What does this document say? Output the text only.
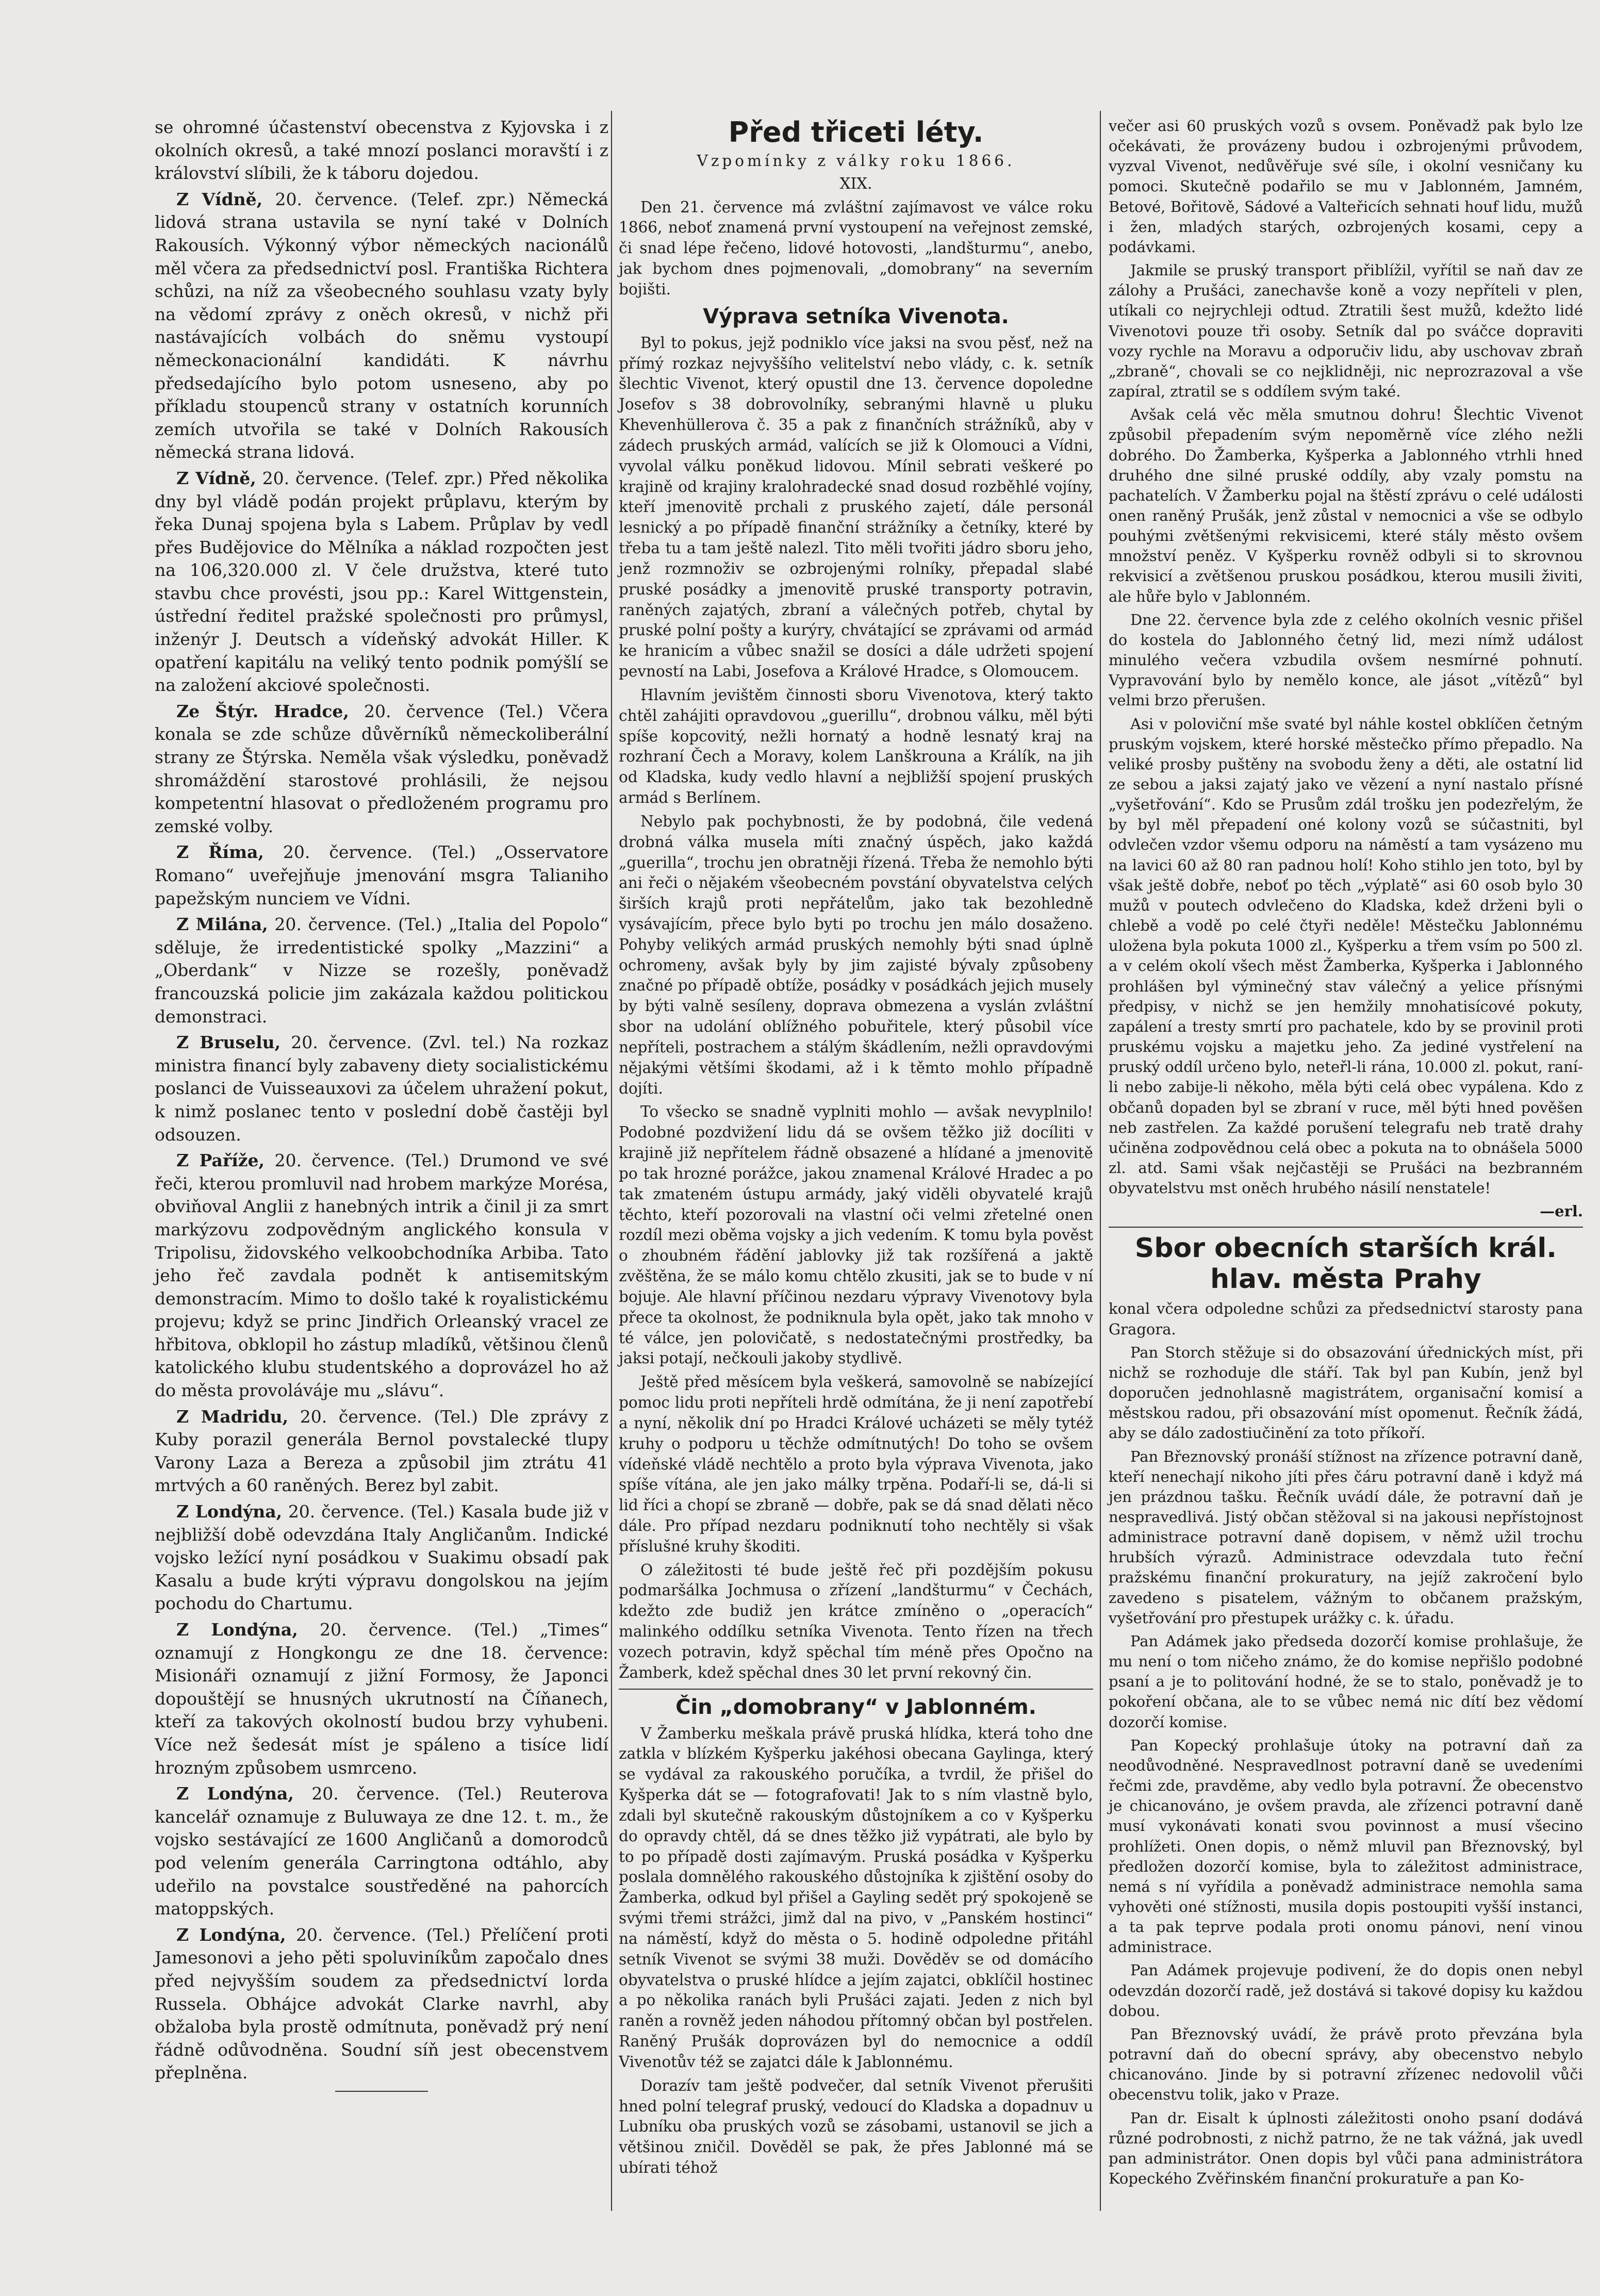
se ohromné účastenství obecenstva z Kyjovska i z okolních okresů, a také mnozí poslanci moravští i z království slíbili, že k táboru dojedou.

Z Vídně, 20. července. (Telef. zpr.) Německá lidová strana ustavila se nyní také v Dolních Rakousích. Výkonný výbor německých nacionálů měl včera za předsednictví posl. Františka Richtera schůzi, na níž za všeobecného souhlasu vzaty byly na vědomí zprávy z oněch okresů, v nichž při nastávajících volbách do sněmu vystoupí německonacionální kandidáti. K návrhu předsedajícího bylo potom usneseno, aby po příkladu stoupenců strany v ostatních korunních zemích utvořila se také v Dolních Rakousích německá strana lidová.

Z Vídně, 20. července. (Telef. zpr.) Před několika dny byl vládě podán projekt průplavu, kterým by řeka Dunaj spojena byla s Labem. Průplav by vedl přes Budějovice do Mělníka a náklad rozpočten jest na 106,320.000 zl. V čele družstva, které tuto stavbu chce provésti, jsou pp.: Karel Wittgenstein, ústřední ředitel pražské společnosti pro průmysl, inženýr J. Deutsch a vídeňský advokát Hiller. K opatření kapitálu na veliký tento podnik pomýšlí se na založení akciové společnosti.

Ze Štýr. Hradce, 20. července (Tel.) Včera konala se zde schůze důvěrníků německoliberální strany ze Štýrska. Neměla však výsledku, poněvadž shromáždění starostové prohlásili, že nejsou kompetentní hlasovat o předloženém programu pro zemské volby.

Z Říma, 20. července. (Tel.) „Osservatore Romano“ uveřejňuje jmenování msgra Talianiho papežským nunciem ve Vídni.

Z Milána, 20. července. (Tel.) „Italia del Popolo“ sděluje, že irredentistické spolky „Mazzini“ a „Oberdank“ v Nizze se rozešly, poněvadž francouzská policie jim zakázala každou politickou demonstraci.

Z Bruselu, 20. července. (Zvl. tel.) Na rozkaz ministra financí byly zabaveny diety socialistickému poslanci de Vuisseauxovi za účelem uhražení pokut, k nimž poslanec tento v poslední době častěji byl odsouzen.

Z Paříže, 20. července. (Tel.) Drumond ve své řeči, kterou promluvil nad hrobem markýze Morésa, obviňoval Anglii z hanebných intrik a činil ji za smrt markýzovu zodpovědným anglického konsula v Tripolisu, židovského velkoobchodníka Arbiba. Tato jeho řeč zavdala podnět k antisemitským demonstracím. Mimo to došlo také k royalistickému projevu; když se princ Jindřich Orleanský vracel ze hřbitova, obklopil ho zástup mladíků, většinou členů katolického klubu studentského a doprovázel ho až do města provoláváje mu „slávu“.

Z Madridu, 20. července. (Tel.) Dle zprávy z Kuby porazil generála Bernol povstalecké tlupy Varony Laza a Bereza a způsobil jim ztrátu 41 mrtvých a 60 raněných. Berez byl zabit.

Z Londýna, 20. července. (Tel.) Kasala bude již v nejbližší době odevzdána Italy Angličanům. Indické vojsko ležící nyní posádkou v Suakimu obsadí pak Kasalu a bude krýti výpravu dongolskou na jejím pochodu do Chartumu.

Z Londýna, 20. července. (Tel.) „Times“ oznamují z Hongkongu ze dne 18. července: Misionáři oznamují z jižní Formosy, že Japonci dopouštějí se hnusných ukrutností na Číňanech, kteří za takových okolností budou brzy vyhubeni. Více než šedesát míst je spáleno a tisíce lidí hrozným způsobem usmrceno.

Z Londýna, 20. července. (Tel.) Reuterova kancelář oznamuje z Buluwaya ze dne 12. t. m., že vojsko sestávající ze 1600 Angličanů a domorodců pod velením generála Carringtona odtáhlo, aby udeřilo na povstalce soustředěné na pahorcích matoppských.

Z Londýna, 20. července. (Tel.) Přelíčení proti Jamesonovi a jeho pěti spoluviníkům započalo dnes před nejvyšším soudem za předsednictví lorda Russela. Obhájce advokát Clarke navrhl, aby obžaloba byla prostě odmítnuta, poněvadž prý není řádně odůvodněna. Soudní síň jest obecenstvem přeplněna.

Před třiceti léty.
Vzpomínky z války roku 1866.
XIX.

Den 21. července má zvláštní zajímavost ve válce roku 1866, neboť znamená první vystoupení na veřejnost zemské, či snad lépe řečeno, lidové hotovosti, „landšturmu“, anebo, jak bychom dnes pojmenovali, „domobrany“ na severním bojišti.

Výprava setníka Vivenota.

Byl to pokus, jejž podniklo více jaksi na svou pěsť, než na přímý rozkaz nejvyššího velitelství nebo vlády, c. k. setník šlechtic Vivenot, který opustil dne 13. července dopoledne Josefov s 38 dobrovolníky, sebranými hlavně u pluku Khevenhüllerova č. 35 a pak z finančních strážníků, aby v zádech pruských armád, valících se již k Olomouci a Vídni, vyvolal válku poněkud lidovou. Mínil sebrati veškeré po krajině od krajiny kralohradecké snad dosud rozběhlé vojíny, kteří jmenovitě prchali z pruského zajetí, dále personál lesnický a po případě finanční strážníky a četníky, které by třeba tu a tam ještě nalezl. Tito měli tvořiti jádro sboru jeho, jenž rozmnoživ se ozbrojenými rolníky, přepadal slabé pruské posádky a jmenovitě pruské transporty potravin, raněných zajatých, zbraní a válečných potřeb, chytal by pruské polní pošty a kurýry, chvátající se zprávami od armád ke hranicím a vůbec snažil se dosíci a dále udržeti spojení pevností na Labi, Josefova a Králové Hradce, s Olomoucem.

Hlavním jevištěm činnosti sboru Vivenotova, který takto chtěl zahájiti opravdovou „guerillu“, drobnou válku, měl býti spíše kopcovitý, nežli hornatý a hodně lesnatý kraj na rozhraní Čech a Moravy, kolem Lanškrouna a Králík, na jih od Kladska, kudy vedlo hlavní a nejbližší spojení pruských armád s Berlínem.

Nebylo pak pochybnosti, že by podobná, čile vedená drobná válka musela míti značný úspěch, jako každá „guerilla“, trochu jen obratněji řízená. Třeba že nemohlo býti ani řeči o nějakém všeobecném povstání obyvatelstva celých širších krajů proti nepřátelům, jako tak bezohledně vysávajícím, přece bylo byti po trochu jen málo dosaženo. Pohyby velikých armád pruských nemohly býti snad úplně ochromeny, avšak byly by jim zajisté bývaly způsobeny značné po případě obtíže, posádky v posádkách jejich musely by býti valně sesíleny, doprava obmezena a vyslán zvláštní sbor na udolání oblížného pobuřitele, který působil více nepříteli, postrachem a stálým škádlením, nežli opravdovými nějakými většími škodami, až i k těmto mohlo případně dojíti.

To všecko se snadně vyplniti mohlo — avšak nevyplnilo! Podobné pozdvižení lidu dá se ovšem těžko již docíliti v krajině již nepřítelem řádně obsazené a hlídané a jmenovitě po tak hrozné porážce, jakou znamenal Králové Hradec a po tak zmateném ústupu armády, jaký viděli obyvatelé krajů těchto, kteří pozorovali na vlastní oči velmi zřetelné onen rozdíl mezi oběma vojsky a jich vedením. K tomu byla pověst o zhoubném řádění jablovky již tak rozšířená a jaktě zvěštěna, že se málo komu chtělo zkusiti, jak se to bude v ní bojuje. Ale hlavní příčinou nezdaru výpravy Vivenotovy byla přece ta okolnost, že podniknula byla opět, jako tak mnoho v té válce, jen polovičatě, s nedostatečnými prostředky, ba jaksi potají, nečkouli jakoby stydlivě.

Ještě před měsícem byla veškerá, samovolně se nabízející pomoc lidu proti nepříteli hrdě odmítána, že ji není zapotřebí a nyní, několik dní po Hradci Králové ucházeti se měly tytéž kruhy o podporu u těchže odmítnutých! Do toho se ovšem vídeňské vládě nechtělo a proto byla výprava Vivenota, jako spíše vítána, ale jen jako málky trpěna. Podaří-li se, dá-li si lid říci a chopí se zbraně — dobře, pak se dá snad dělati něco dále. Pro případ nezdaru podniknutí toho nechtěly si však příslušné kruhy škoditi.

O záležitosti té bude ještě řeč při pozdějším pokusu podmaršálka Jochmusa o zřízení „landšturmu“ v Čechách, kdežto zde budiž jen krátce zmíněno o „operacích“ malinkého oddílku setníka Vivenota. Tento řízen na třech vozech potravin, když spěchal tím méně přes Opočno na Žamberk, kdež spěchal dnes 30 let první rekovný čin.

Čin „domobrany“ v Jablonném.

V Žamberku meškala právě pruská hlídka, která toho dne zatkla v blízkém Kyšperku jakéhosi obecana Gaylinga, který se vydával za rakouského poručíka, a tvrdil, že přišel do Kyšperka dát se — fotografovati! Jak to s ním vlastně bylo, zdali byl skutečně rakouským důstojníkem a co v Kyšperku do opravdy chtěl, dá se dnes těžko již vypátrati, ale bylo by to po případě dosti zajímavým. Pruská posádka v Kyšperku poslala domnělého rakouského důstojníka k zjištění osoby do Žamberka, odkud byl přišel a Gayling sedět prý spokojeně se svými třemi strážci, jimž dal na pivo, v „Panském hostinci“ na náměstí, když do města o 5. hodině odpoledne přitáhl setník Vivenot se svými 38 muži. Dověděv se od domácího obyvatelstva o pruské hlídce a jejím zajatci, obklíčil hostinec a po několika ranách byli Prušáci zajati. Jeden z nich byl raněn a rovněž jeden náhodou přítomný občan byl postřelen. Raněný Prušák doprovázen byl do nemocnice a oddíl Vivenotův též se zajatci dále k Jablonnému.

Dorazív tam ještě podvečer, dal setník Vivenot přerušiti hned polní telegraf pruský, vedoucí do Kladska a dopadnuv u Lubníku oba pruských vozů se zásobami, ustanovil se jich a většinou zničil. Dověděl se pak, že přes Jablonné má se ubírati téhož

večer asi 60 pruských vozů s ovsem. Poněvadž pak bylo lze očekávati, že provázeny budou i ozbrojenými průvodem, vyzval Vivenot, nedůvěřuje své síle, i okolní vesničany ku pomoci. Skutečně podařilo se mu v Jablonném, Jamném, Betové, Bořitově, Sádové a Valteřicích sehnati houf lidu, mužů i žen, mladých starých, ozbrojených kosami, cepy a podávkami.

Jakmile se pruský transport přiblížil, vyřítil se naň dav ze zálohy a Prušáci, zanechavše koně a vozy nepříteli v plen, utíkali co nejrychleji odtud. Ztratili šest mužů, kdežto lidé Vivenotovi pouze tři osoby. Setník dal po sváčce dopraviti vozy rychle na Moravu a odporučiv lidu, aby uschovav zbraň „zbraně“, chovali se co nejklidněji, nic neprozrazoval a vše zapíral, ztratil se s oddílem svým také.

Avšak celá věc měla smutnou dohru! Šlechtic Vivenot způsobil přepadením svým nepoměrně více zlého nežli dobrého. Do Žamberka, Kyšperka a Jablonného vtrhli hned druhého dne silné pruské oddíly, aby vzaly pomstu na pachatelích. V Žamberku pojal na štěstí zprávu o celé události onen raněný Prušák, jenž zůstal v nemocnici a vše se odbylo pouhými zvětšenými rekvisicemi, které stály město ovšem množství peněz. V Kyšperku rovněž odbyli si to skrovnou rekvisicí a zvětšenou pruskou posádkou, kterou musili živiti, ale hůře bylo v Jablonném.

Dne 22. července byla zde z celého okolních vesnic přišel do kostela do Jablonného četný lid, mezi nímž událost minulého večera vzbudila ovšem nesmírné pohnutí. Vypravování bylo by nemělo konce, ale jásot „vítězů“ byl velmi brzo přerušen.

Asi v poloviční mše svaté byl náhle kostel obklíčen četným pruským vojskem, které horské městečko přímo přepadlo. Na veliké prosby puštěny na svobodu ženy a děti, ale ostatní lid ze sebou a jaksi zajatý jako ve vězení a nyní nastalo přísné „vyšetřování“. Kdo se Prusům zdál trošku jen podezřelým, že by byl měl přepadení oné kolony vozů se súčastniti, byl odvlečen vzdor všemu odporu na náměstí a tam vysázeno mu na lavici 60 až 80 ran padnou holí! Koho stihlo jen toto, byl by však ještě dobře, neboť po těch „výplatě“ asi 60 osob bylo 30 mužů v poutech odvlečeno do Kladska, kdež drženi byli o chlebě a vodě po celé čtyři neděle! Městečku Jablonnému uložena byla pokuta 1000 zl., Kyšperku a třem vsím po 500 zl. a v celém okolí všech měst Žamberka, Kyšperka i Jablonného prohlášen byl výminečný stav válečný a yelice přísnými předpisy, v nichž se jen hemžily mnohatisícové pokuty, zapálení a tresty smrtí pro pachatele, kdo by se provinil proti pruskému vojsku a majetku jeho. Za jediné vystřelení na pruský oddíl určeno bylo, neteřl-li rána, 10.000 zl. pokut, raní-li nebo zabije-li někoho, měla býti celá obec vypálena. Kdo z občanů dopaden byl se zbraní v ruce, měl býti hned pověšen neb zastřelen. Za každé porušení telegrafu neb tratě drahy učiněna zodpovědnou celá obec a pokuta na to obnášela 5000 zl. atd. Sami však nejčastěji se Prušáci na bezbranném obyvatelstvu mst oněch hrubého násilí nenstatele!

—erl.
Sbor obecních starších král. hlav. města Prahy

konal včera odpoledne schůzi za předsednictví starosty pana Gragora.

Pan Storch stěžuje si do obsazování úřednických míst, při nichž se rozhoduje dle stáří. Tak byl pan Kubín, jenž byl doporučen jednohlasně magistrátem, organisační komisí a městskou radou, při obsazování míst opomenut. Řečník žádá, aby se dálo zadostiučinění za toto příkoří.

Pan Březnovský pronáší stížnost na zřízence potravní daně, kteří nenechají nikoho jíti přes čáru potravní daně i když má jen prázdnou tašku. Řečník uvádí dále, že potravní daň je nespravedlivá. Jistý občan stěžoval si na jakousi nepřístojnost administrace potravní daně dopisem, v němž užil trochu hrubších výrazů. Administrace odevzdala tuto řeční pražskému finanční prokuratury, na jejíž zakročení bylo zavedeno s pisatelem, vážným to občanem pražským, vyšetřování pro přestupek urážky c. k. úřadu.

Pan Adámek jako předseda dozorčí komise prohlašuje, že mu není o tom ničeho známo, že do komise nepřišlo podobné psaní a je to politování hodné, že se to stalo, poněvadž je to pokoření občana, ale to se vůbec nemá nic dítí bez vědomí dozorčí komise.

Pan Kopecký prohlašuje útoky na potravní daň za neodůvodněné. Nespravedlnost potravní daně se uvedeními řečmi zde, pravděme, aby vedlo byla potravní. Že obecenstvo je chicanováno, je ovšem pravda, ale zřízenci potravní daně musí vykonávati konati svou povinnost a musí všecino prohlížeti. Onen dopis, o němž mluvil pan Březnovský, byl předložen dozorčí komise, byla to záležitost administrace, nemá s ní vyřídila a poněvadž administrace nemohla sama vyhověti oné stížnosti, musila dopis postoupiti vyšší instanci, a ta pak teprve podala proti onomu pánovi, není vinou administrace.

Pan Adámek projevuje podivení, že do dopis onen nebyl odevzdán dozorčí radě, jež dostává si takové dopisy ku každou dobou.

Pan Březnovský uvádí, že právě proto převzána byla potravní daň do obecní správy, aby obecenstvo nebylo chicanováno. Jinde by si potravní zřízenec nedovolil vůči obecenstvu tolik, jako v Praze.

Pan dr. Eisalt k úplnosti záležitosti onoho psaní dodává různé podrobnosti, z nichž patrno, že ne tak vážná, jak uvedl pan administrátor. Onen dopis byl vůči pana administrátora Kopeckého Zvěřinském finanční prokuratuře a pan Ko-
